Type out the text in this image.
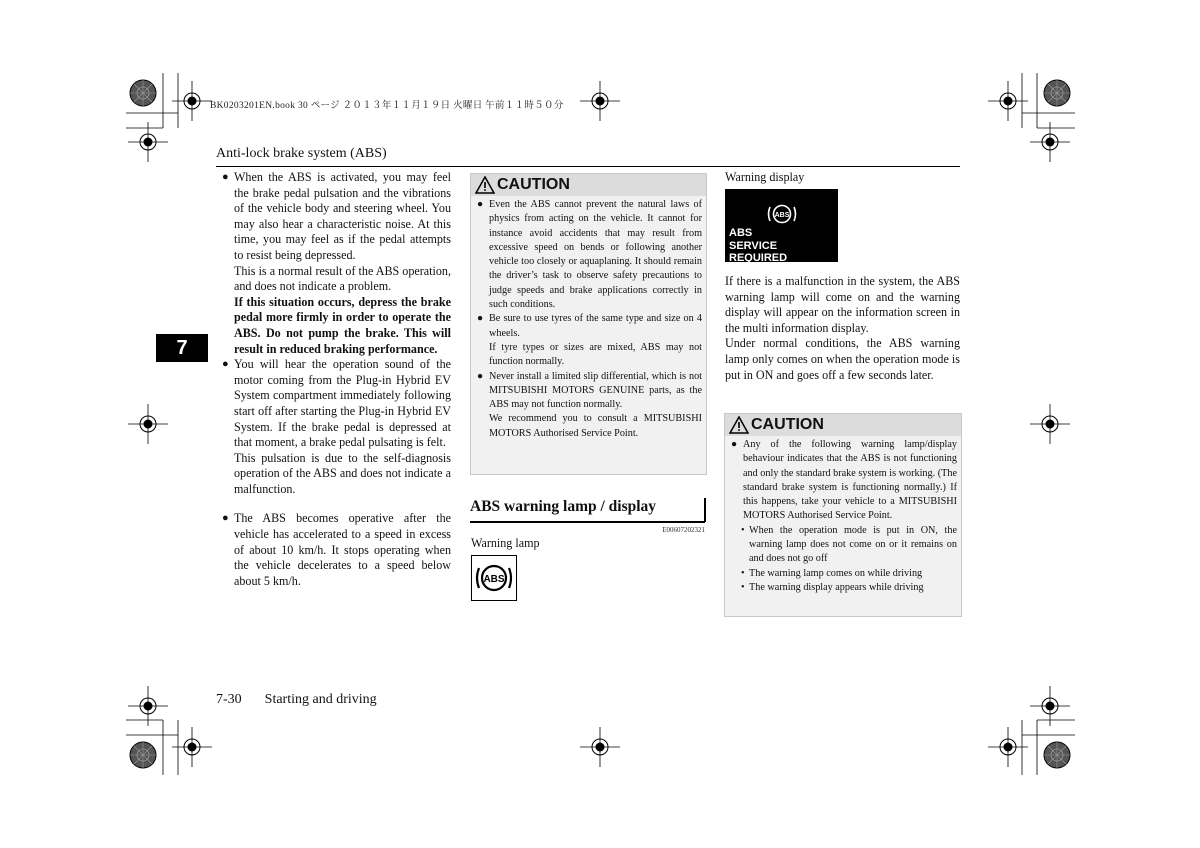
BK0203201EN.book 30 ページ ２０１３年１１月１９日 火曜日 午前１１時５０分
Anti-lock brake system (ABS)
7
● When the ABS is activated, you may feel the brake pedal pulsation and the vibrations of the vehicle body and steering wheel. You may also hear a characteristic noise. At this time, you may feel as if the pedal attempts to resist being depressed.

This is a normal result of the ABS operation, and does not indicate a problem.

If this situation occurs, depress the brake pedal more firmly in order to operate the ABS. Do not pump the brake. This will result in reduced braking performance.

● You will hear the operation sound of the motor coming from the Plug-in Hybrid EV System compartment immediately following start off after starting the Plug-in Hybrid EV System. If the brake pedal is depressed at that moment, a brake pedal pulsating is felt.

This pulsation is due to the self-diagnosis operation of the ABS and does not indicate a malfunction.

● The ABS becomes operative after the vehicle has accelerated to a speed in excess of about 10 km/h. It stops operating when the vehicle decelerates to a speed below about 5 km/h.

CAUTION
● Even the ABS cannot prevent the natural laws of physics from acting on the vehicle. It cannot for instance avoid accidents that may result from excessive speed on bends or following another vehicle too closely or aquaplaning. It should remain the driver’s task to observe safety precautions to judge speeds and brake applications correctly in such conditions.
● Be sure to use tyres of the same type and size on 4 wheels.
If tyre types or sizes are mixed, ABS may not function normally.
● Never install a limited slip differential, which is not MITSUBISHI MOTORS GENUINE parts, as the ABS may not function normally.
We recommend you to consult a MITSUBISHI MOTORS Authorised Service Point.
ABS warning lamp / display
E00607202321
Warning lamp
ABS
Warning display
ABS
ABS
SERVICE REQUIRED

If there is a malfunction in the system, the ABS warning lamp will come on and the warning display will appear on the information screen in the multi information display.

Under normal conditions, the ABS warning lamp only comes on when the operation mode is put in ON and goes off a few seconds later.

CAUTION
● Any of the following warning lamp/display behaviour indicates that the ABS is not functioning and only the standard brake system is working. (The standard brake system is functioning normally.) If this happens, take your vehicle to a MITSUBISHI MOTORS Authorised Service Point.
• When the operation mode is put in ON, the warning lamp does not come on or it remains on and does not go off
• The warning lamp comes on while driving
• The warning display appears while driving
7-30 Starting and driving
